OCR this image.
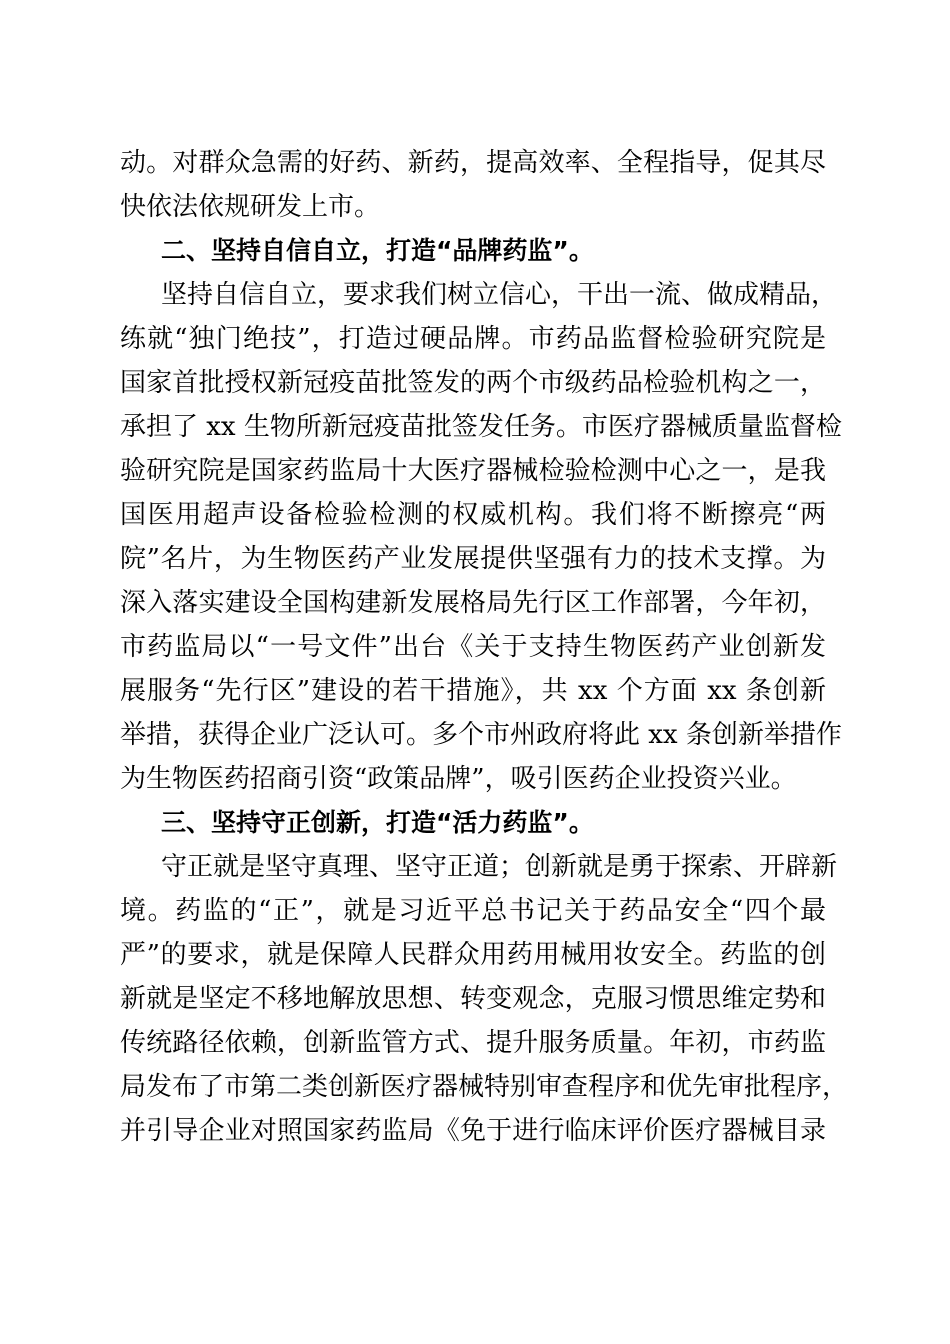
动。对群众急需的好药、新药，提高效率、全程指导，促其尽
快依法依规研发上市。
二、坚持自信自立，打造“品牌药监”。
坚持自信自立，要求我们树立信心，干出一流、做成精品，
练就“独门绝技”，打造过硬品牌。市药品监督检验研究院是
国家首批授权新冠疫苗批签发的两个市级药品检验机构之一，
承担了 xx 生物所新冠疫苗批签发任务。市医疗器械质量监督检
验研究院是国家药监局十大医疗器械检验检测中心之一，是我
国医用超声设备检验检测的权威机构。我们将不断擦亮“两
院”名片，为生物医药产业发展提供坚强有力的技术支撑。为
深入落实建设全国构建新发展格局先行区工作部署，今年初，
市药监局以“一号文件”出台《关于支持生物医药产业创新发
展服务“先行区”建设的若干措施》，共 xx 个方面 xx 条创新
举措，获得企业广泛认可。多个市州政府将此 xx 条创新举措作
为生物医药招商引资“政策品牌”，吸引医药企业投资兴业。
三、坚持守正创新，打造“活力药监”。
守正就是坚守真理、坚守正道；创新就是勇于探索、开辟新
境。药监的“正”，就是习近平总书记关于药品安全“四个最
严”的要求，就是保障人民群众用药用械用妆安全。药监的创
新就是坚定不移地解放思想、转变观念，克服习惯思维定势和
传统路径依赖，创新监管方式、提升服务质量。年初，市药监
局发布了市第二类创新医疗器械特别审查程序和优先审批程序，
并引导企业对照国家药监局《免于进行临床评价医疗器械目录
